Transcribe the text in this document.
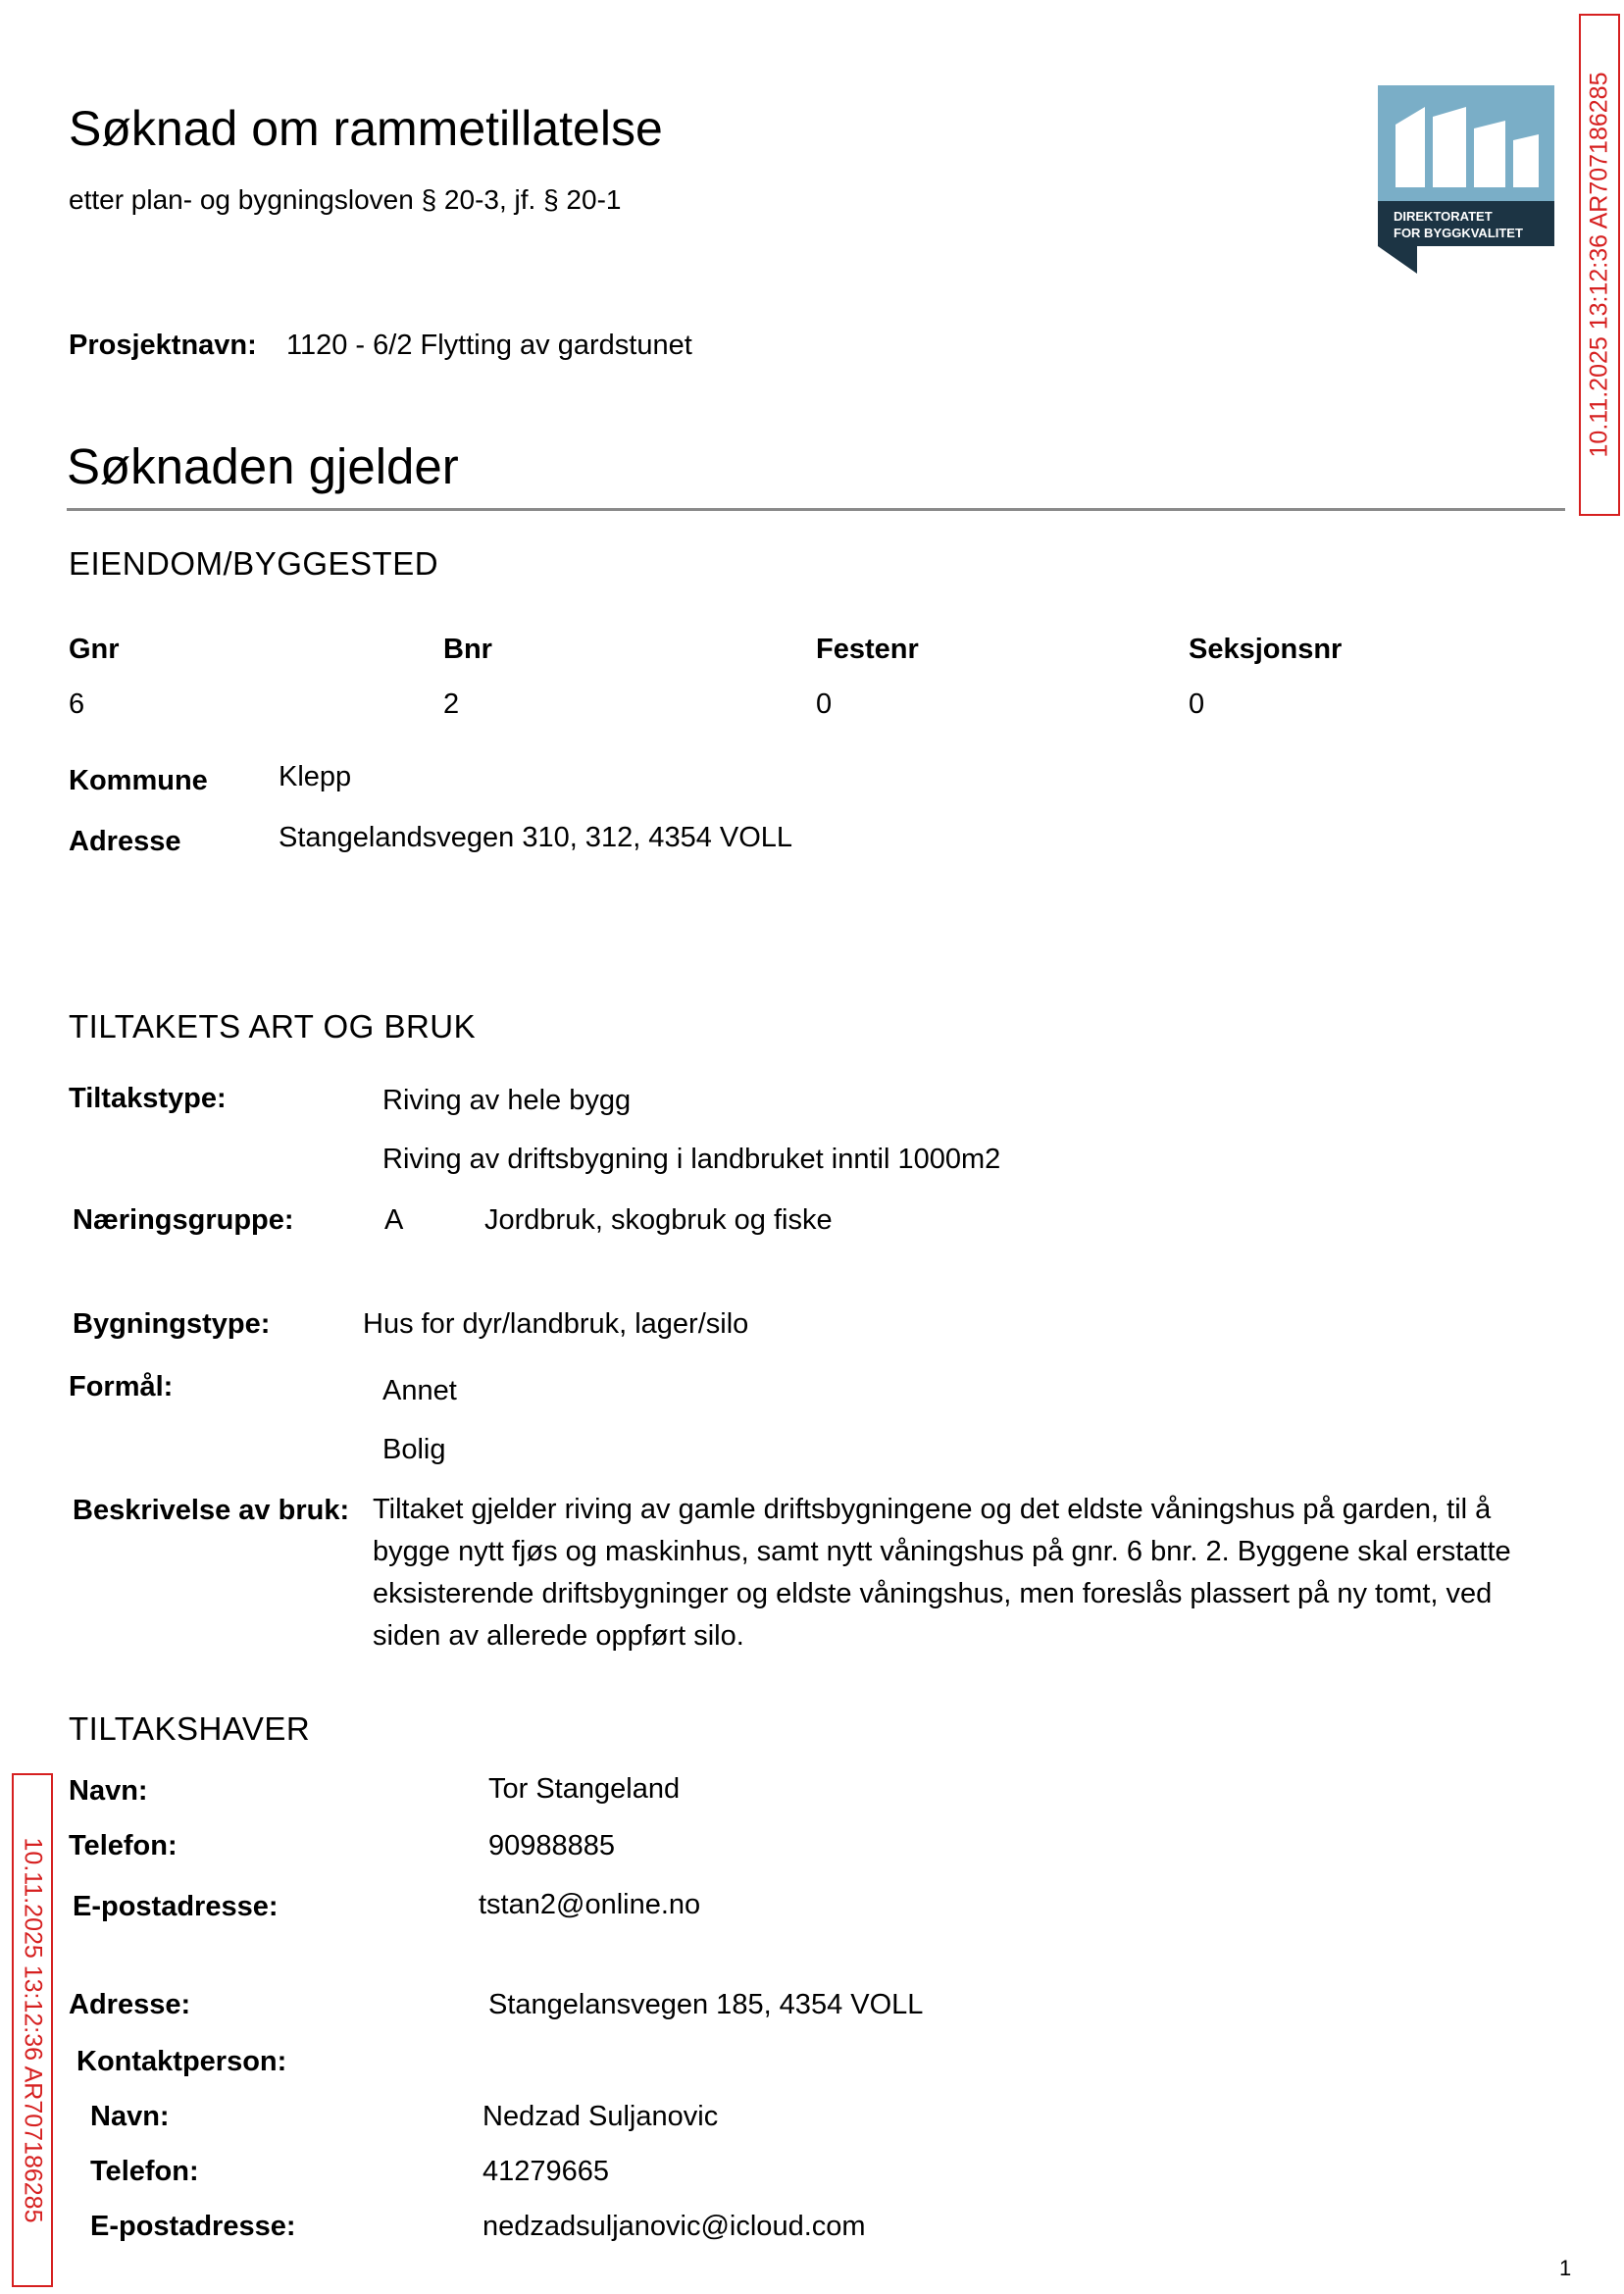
Søknad om rammetillatelse
etter plan- og bygningsloven § 20-3, jf. § 20-1
DIREKTORATET
FOR BYGGKVALITET	10.11.2025 13:12:36 AR707186285
Prosjektnavn: 1120 - 6/2 Flytting av gardstunet
Søknaden gjelder
EIENDOM/BYGGESTED
Gnr	Bnr	Festenr	Seksjonsnr
6	2	0	0
Kommune Klepp
Adresse	Stangelandsvegen 310, 312, 4354 VOLL
TILTAKETS ART OG BRUK
Tiltakstype:	Riving av hele bygg
Riving av driftsbygning i landbruket inntil 1000m2
Næringsgruppe:	A	Jordbruk, skogbruk og fiske
Bygningstype:	Hus for dyr/landbruk, lager/silo
Formål:	Annet
Bolig
Beskrivelse av bruk: Tiltaket gjelder riving av gamle driftsbygningene og det eldste våningshus på garden, til å bygge nytt fjøs og maskinhus, samt nytt våningshus på gnr. 6 bnr. 2. Byggene skal erstatte eksisterende driftsbygninger og eldste våningshus, men foreslås plassert på ny tomt, ved siden av allerede oppført silo.
TILTAKSHAVER
10.11.2025 13:12:36 AR707186285
Navn:	Tor Stangeland
Telefon:	90988885
E-postadresse:	tstan2@online.no
Adresse:	Stangelansvegen 185, 4354 VOLL
Kontaktperson:
Navn:	Nedzad Suljanovic
Telefon:	41279665
E-postadresse:	nedzadsuljanovic@icloud.com
1
